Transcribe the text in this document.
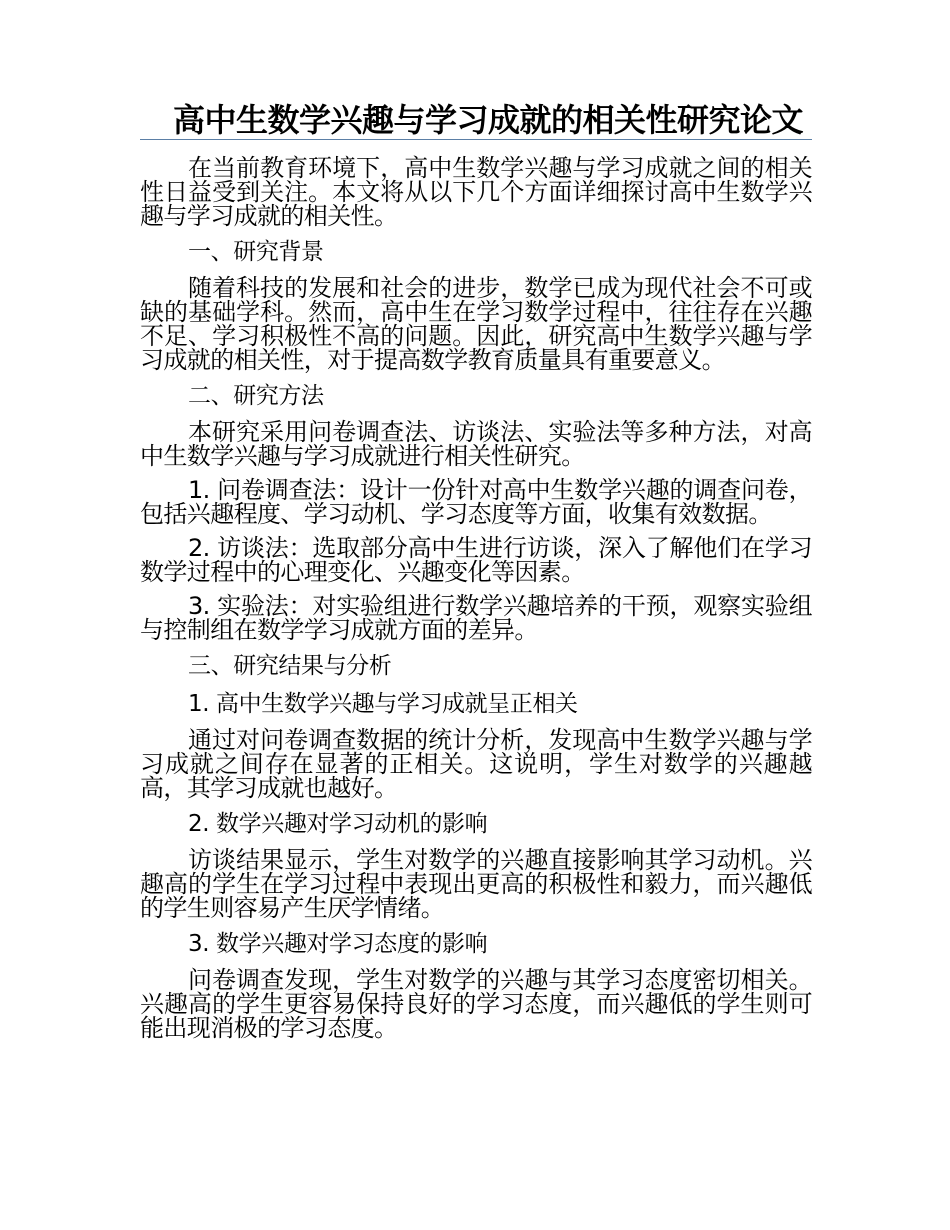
高中生数学兴趣与学习成就的相关性研究论文

在当前教育环境下，高中生数学兴趣与学习成就之间的相关性日益受到关注。本文将从以下几个方面详细探讨高中生数学兴趣与学习成就的相关性。

一、研究背景

随着科技的发展和社会的进步，数学已成为现代社会不可或缺的基础学科。然而，高中生在学习数学过程中，往往存在兴趣不足、学习积极性不高的问题。因此，研究高中生数学兴趣与学习成就的相关性，对于提高数学教育质量具有重要意义。

二、研究方法

本研究采用问卷调查法、访谈法、实验法等多种方法，对高中生数学兴趣与学习成就进行相关性研究。

1. 问卷调查法：设计一份针对高中生数学兴趣的调查问卷，包括兴趣程度、学习动机、学习态度等方面，收集有效数据。

2. 访谈法：选取部分高中生进行访谈，深入了解他们在学习数学过程中的心理变化、兴趣变化等因素。

3. 实验法：对实验组进行数学兴趣培养的干预，观察实验组与控制组在数学学习成就方面的差异。

三、研究结果与分析

1. 高中生数学兴趣与学习成就呈正相关

通过对问卷调查数据的统计分析，发现高中生数学兴趣与学习成就之间存在显著的正相关。这说明，学生对数学的兴趣越高，其学习成就也越好。

2. 数学兴趣对学习动机的影响

访谈结果显示，学生对数学的兴趣直接影响其学习动机。兴趣高的学生在学习过程中表现出更高的积极性和毅力，而兴趣低的学生则容易产生厌学情绪。

3. 数学兴趣对学习态度的影响

问卷调查发现，学生对数学的兴趣与其学习态度密切相关。兴趣高的学生更容易保持良好的学习态度，而兴趣低的学生则可能出现消极的学习态度。
